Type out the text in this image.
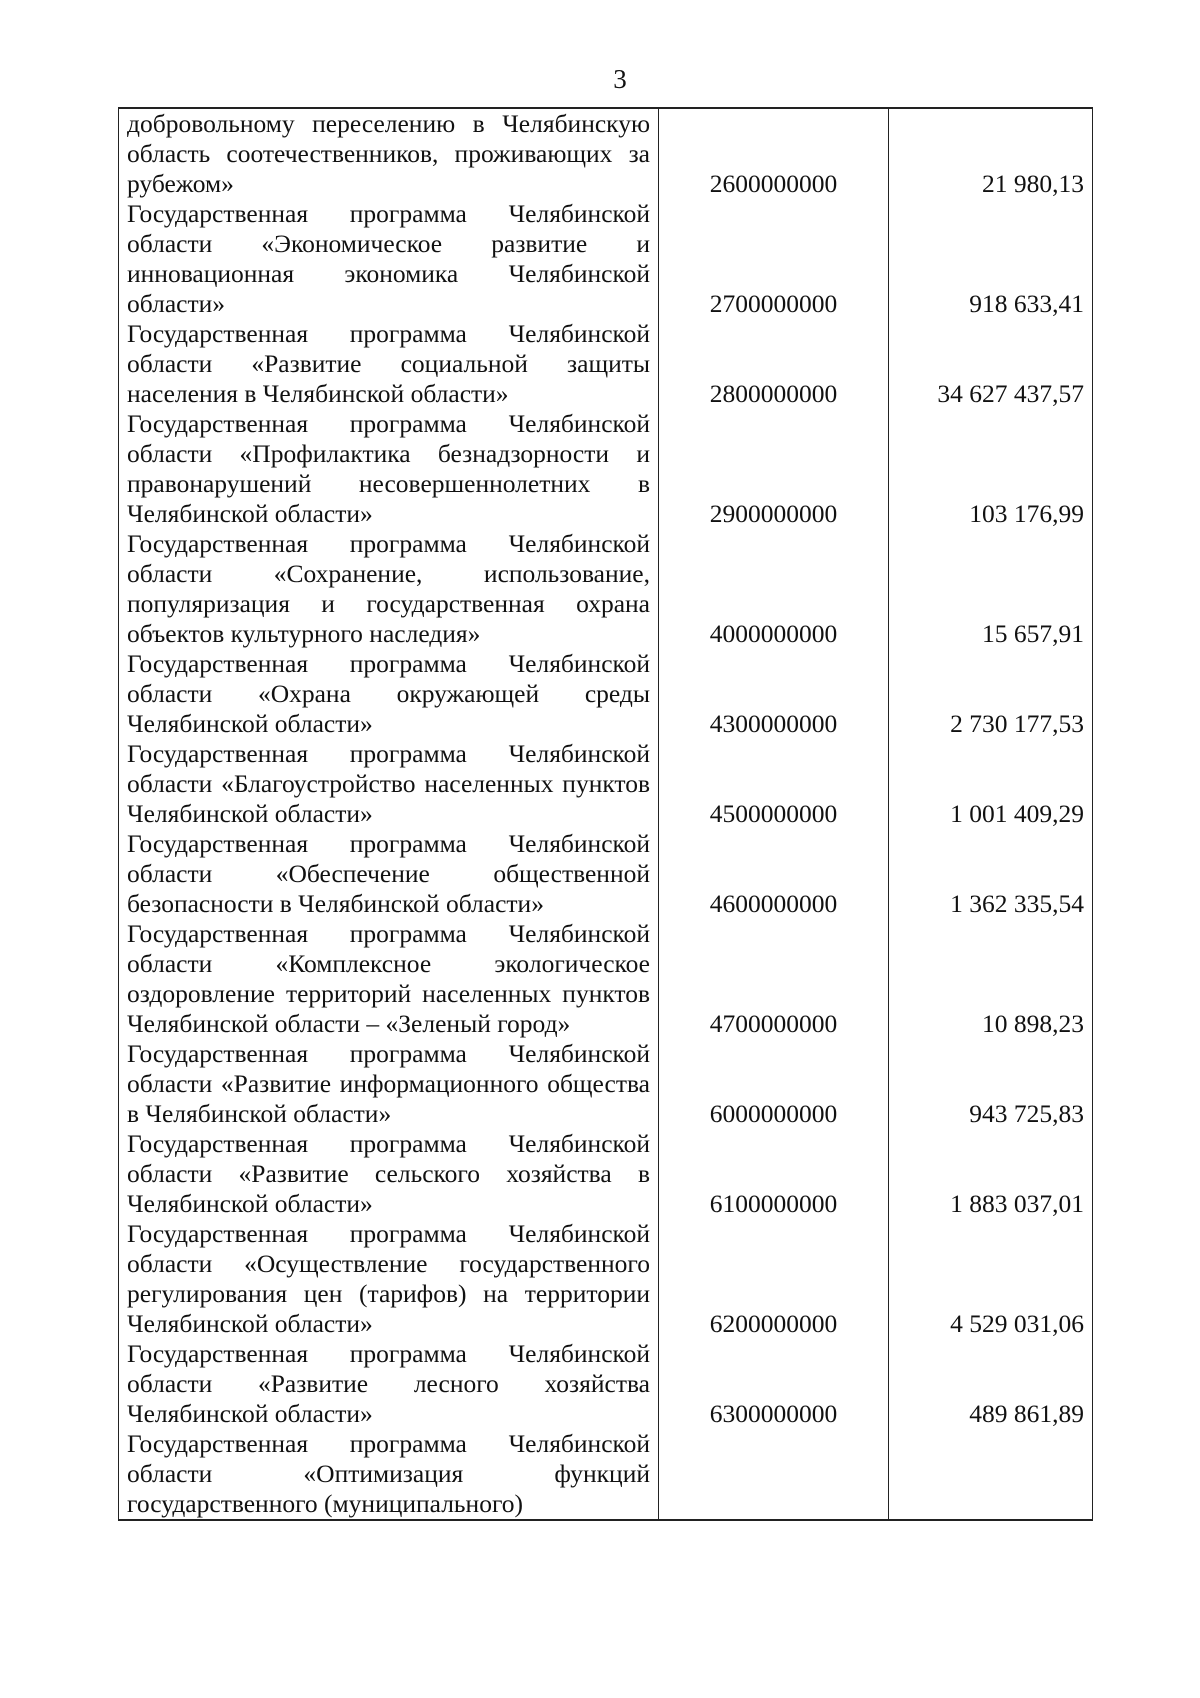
3
добровольному переселению в Челябинскую область соотечественников, проживающих за рубежом»	2600000000	21 980,13

Государственная программа Челябинской области «Экономическое развитие и инновационная экономика Челябинской области»	2700000000	918 633,41

Государственная программа Челябинской области «Развитие социальной защиты населения в Челябинской области»	2800000000	34 627 437,57

Государственная программа Челябинской области «Профилактика безнадзорности и правонарушений несовершеннолетних в Челябинской области»	2900000000	103 176,99

Государственная программа Челябинской области «Сохранение, использование, популяризация и государственная охрана объектов культурного наследия»	4000000000	15 657,91

Государственная программа Челябинской области «Охрана окружающей среды Челябинской области»	4300000000	2 730 177,53

Государственная программа Челябинской области «Благоустройство населенных пунктов Челябинской области»	4500000000	1 001 409,29

Государственная программа Челябинской области «Обеспечение общественной безопасности в Челябинской области»	4600000000	1 362 335,54

Государственная программа Челябинской области «Комплексное экологическое оздоровление территорий населенных пунктов Челябинской области – «Зеленый город»	4700000000	10 898,23

Государственная программа Челябинской области «Развитие информационного общества в Челябинской области»	6000000000	943 725,83

Государственная программа Челябинской области «Развитие сельского хозяйства в Челябинской области»	6100000000	1 883 037,01

Государственная программа Челябинской области «Осуществление государственного регулирования цен (тарифов) на территории Челябинской области»	6200000000	4 529 031,06

Государственная программа Челябинской области «Развитие лесного хозяйства Челябинской области»	6300000000	489 861,89

Государственная программа Челябинской области «Оптимизация функций государственного (муниципального)		
